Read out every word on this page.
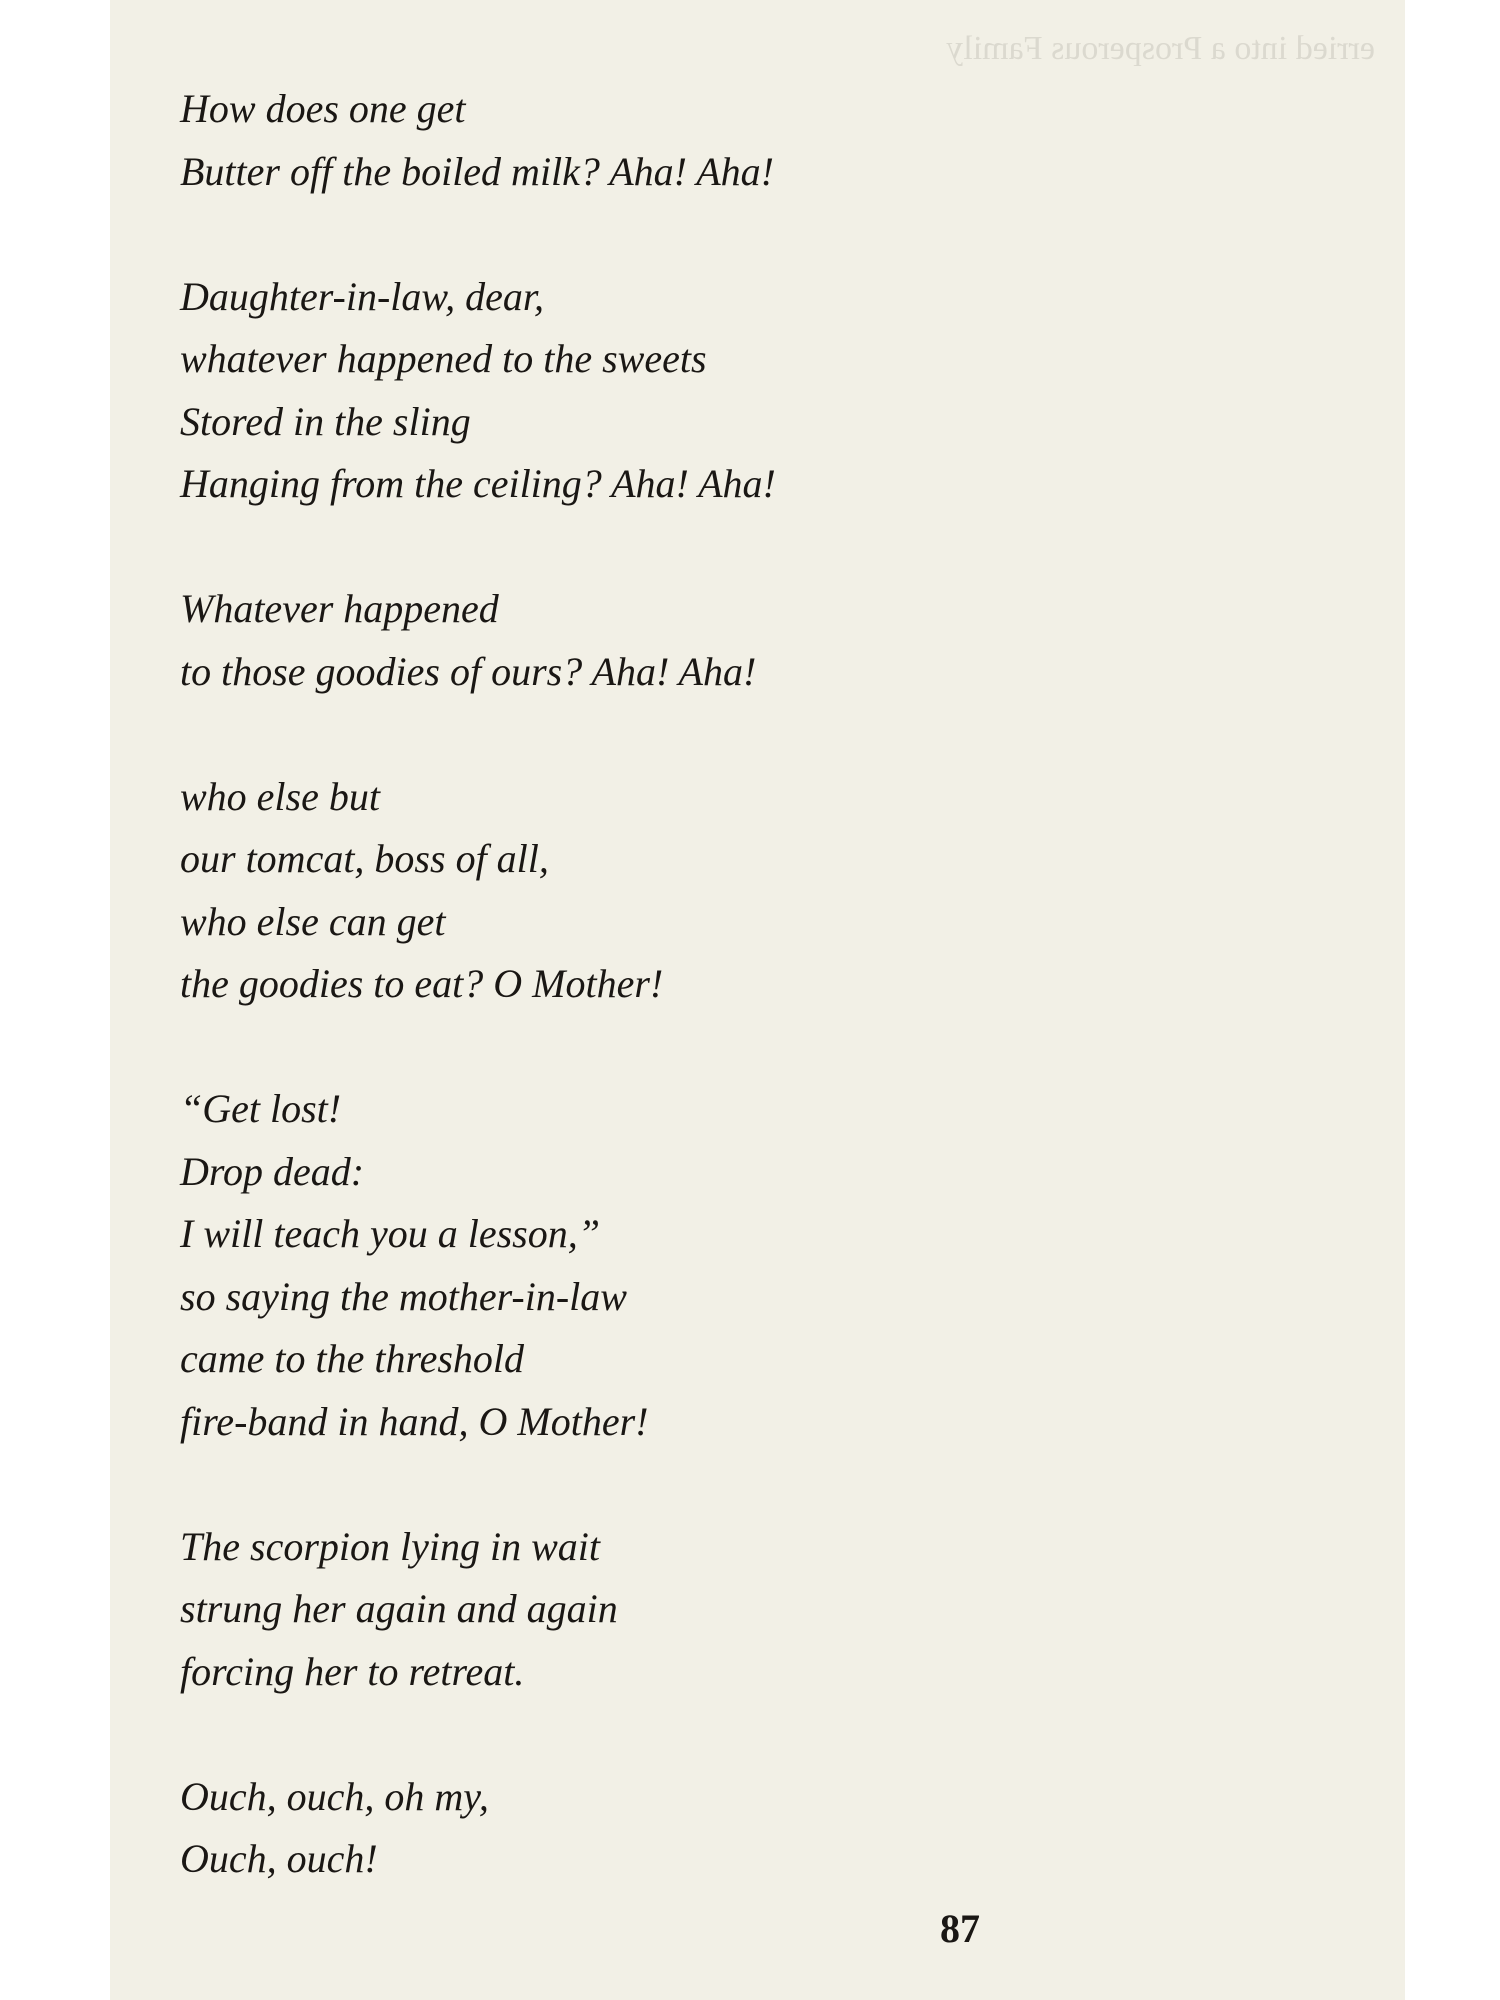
erried into a Prosperous Family
How does one get
Butter off the boiled milk? Aha! Aha!
Daughter-in-law, dear,
whatever happened to the sweets
Stored in the sling
Hanging from the ceiling? Aha! Aha!
Whatever happened
to those goodies of ours? Aha! Aha!
who else but
our tomcat, boss of all,
who else can get
the goodies to eat? O Mother!
“Get lost!
Drop dead:
I will teach you a lesson,”
so saying the mother-in-law
came to the threshold
fire-band in hand, O Mother!
The scorpion lying in wait
strung her again and again
forcing her to retreat.
Ouch, ouch, oh my,
Ouch, ouch!
87
